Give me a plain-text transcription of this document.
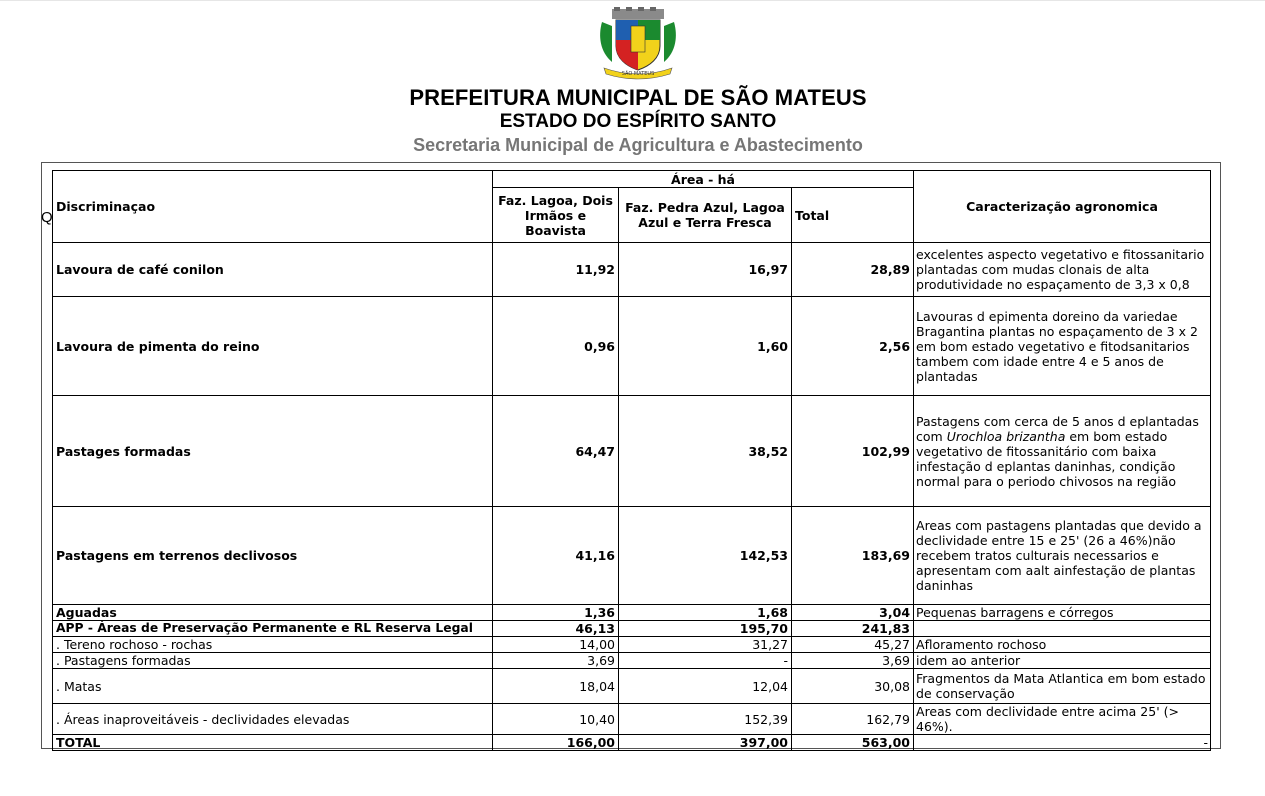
SÃO MATEUS
PREFEITURA MUNICIPAL DE SÃO MATEUS
ESTADO DO ESPÍRITO SANTO
Secretaria Municipal de Agricultura e Abastecimento
Q
Discriminaçao	Área - há			Caracterização agronomica
	Faz. Lagoa, Dois Irmãos e Boavista	Faz. Pedra Azul, Lagoa Azul e Terra Fresca	Total	
Lavoura de café conilon	11,92	16,97	28,89	excelentes aspecto vegetativo e fitossanitario plantadas com mudas clonais de alta produtividade no espaçamento de 3,3 x 0,8
Lavoura de pimenta do reino	0,96	1,60	2,56	Lavouras d epimenta doreino da variedae Bragantina plantas no espaçamento de 3 x 2 em bom estado vegetativo e fitodsanitarios tambem com idade entre 4 e 5 anos de plantadas
Pastages formadas	64,47	38,52	102,99	Pastagens com cerca de 5 anos d eplantadas com Urochloa brizantha em bom estado vegetativo de fitossanitário com baixa infestação d eplantas daninhas, condição normal para o periodo chivosos na região
Pastagens em terrenos declivosos	41,16	142,53	183,69	Areas com pastagens plantadas que devido a declividade entre 15 e 25' (26 a 46%)não recebem tratos culturais necessarios e apresentam com aalt ainfestação de plantas daninhas
Aguadas	1,36	1,68	3,04	Pequenas barragens e córregos
APP - Áreas de Preservação Permanente e RL Reserva Legal	46,13	195,70	241,83	
. Tereno rochoso - rochas	14,00	31,27	45,27	Afloramento rochoso
. Pastagens formadas	3,69	-	3,69	idem ao anterior
. Matas	18,04	12,04	30,08	Fragmentos da Mata Atlantica em bom estado de conservação
. Áreas inaproveitáveis - declividades elevadas	10,40	152,39	162,79	Areas com declividade entre acima 25' (> 46%).
TOTAL	166,00	397,00	563,00	-
